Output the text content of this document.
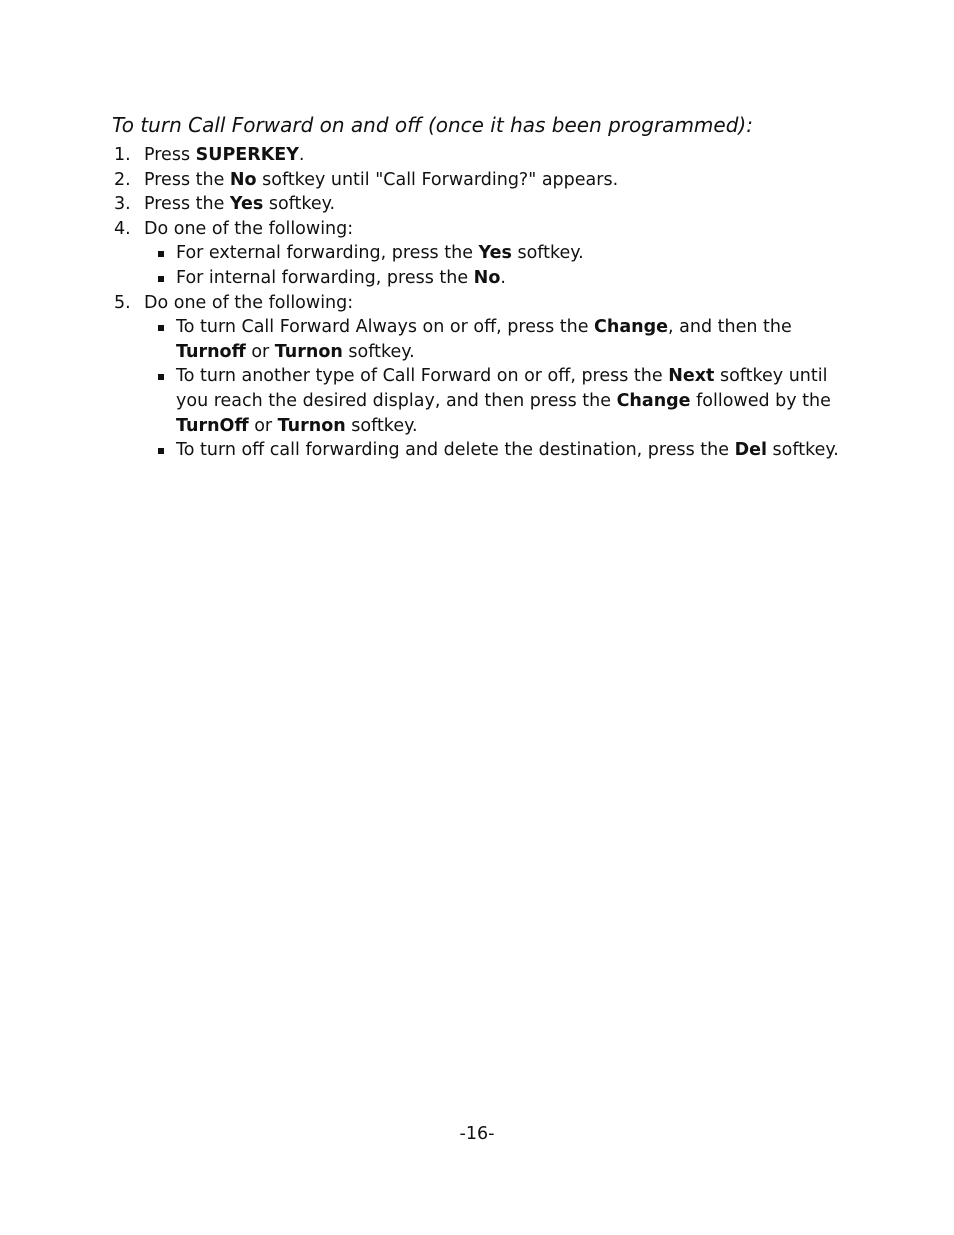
To turn Call Forward on and off (once it has been programmed):

1. Press SUPERKEY.
2. Press the No softkey until "Call Forwarding?" appears.
3. Press the Yes softkey.
4. Do one of the following:
For external forwarding, press the Yes softkey.
For internal forwarding, press the No.
5. Do one of the following:
To turn Call Forward Always on or off, press the Change, and then the Turnoff or Turnon softkey.
To turn another type of Call Forward on or off, press the Next softkey until you reach the desired display, and then press the Change followed by the TurnOff or Turnon softkey.
To turn off call forwarding and delete the destination, press the Del softkey.
-16-
